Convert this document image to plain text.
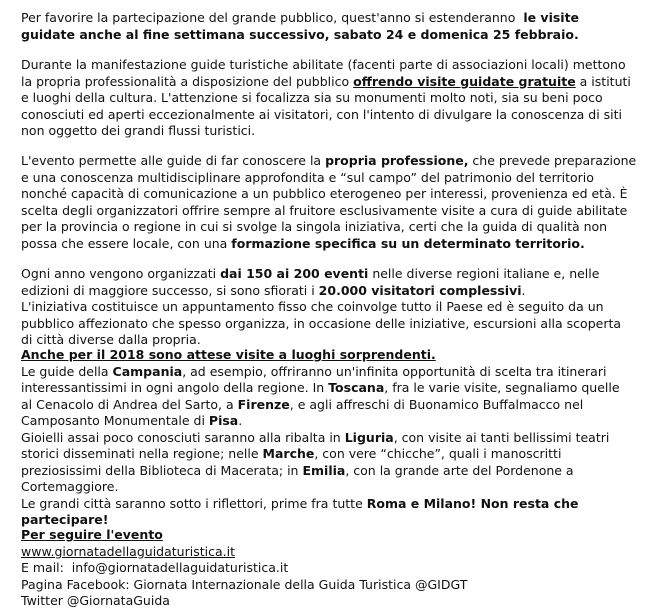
Per favorire la partecipazione del grande pubblico, quest'anno si estenderanno  le visite
guidate anche al fine settimana successivo, sabato 24 e domenica 25 febbraio.

Durante la manifestazione guide turistiche abilitate (facenti parte di associazioni locali) mettono
la propria professionalità a disposizione del pubblico offrendo visite guidate gratuite a istituti
e luoghi della cultura. L'attenzione si focalizza sia su monumenti molto noti, sia su beni poco
conosciuti ed aperti eccezionalmente ai visitatori, con l'intento di divulgare la conoscenza di siti
non oggetto dei grandi flussi turistici.

L'evento permette alle guide di far conoscere la propria professione, che prevede preparazione
e una conoscenza multidisciplinare approfondita e “sul campo” del patrimonio del territorio
nonché capacità di comunicazione a un pubblico eterogeneo per interessi, provenienza ed età. È
scelta degli organizzatori offrire sempre al fruitore esclusivamente visite a cura di guide abilitate
per la provincia o regione in cui si svolge la singola iniziativa, certi che la guida di qualità non
possa che essere locale, con una formazione specifica su un determinato territorio.

Ogni anno vengono organizzati dai 150 ai 200 eventi nelle diverse regioni italiane e, nelle
edizioni di maggiore successo, si sono sfiorati i 20.000 visitatori complessivi.
L'iniziativa costituisce un appuntamento fisso che coinvolge tutto il Paese ed è seguito da un
pubblico affezionato che spesso organizza, in occasione delle iniziative, escursioni alla scoperta
di città diverse dalla propria.

Anche per il 2018 sono attese visite a luoghi sorprendenti.
Le guide della Campania, ad esempio, offriranno un'infinita opportunità di scelta tra itinerari
interessantissimi in ogni angolo della regione. In Toscana, fra le varie visite, segnaliamo quelle
al Cenacolo di Andrea del Sarto, a Firenze, e agli affreschi di Buonamico Buffalmacco nel
Camposanto Monumentale di Pisa.
Gioielli assai poco conosciuti saranno alla ribalta in Liguria, con visite ai tanti bellissimi teatri
storici disseminati nella regione; nelle Marche, con vere “chicche”, quali i manoscritti
preziosissimi della Biblioteca di Macerata; in Emilia, con la grande arte del Pordenone a
Cortemaggiore.
Le grandi città saranno sotto i riflettori, prime fra tutte Roma e Milano! Non resta che
partecipare!

Per seguire l'evento
www.giornatadellaguidaturistica.it
E mail:  info@giornatadellaguidaturistica.it
Pagina Facebook: Giornata Internazionale della Guida Turistica @GIDGT
Twitter @GiornataGuida
